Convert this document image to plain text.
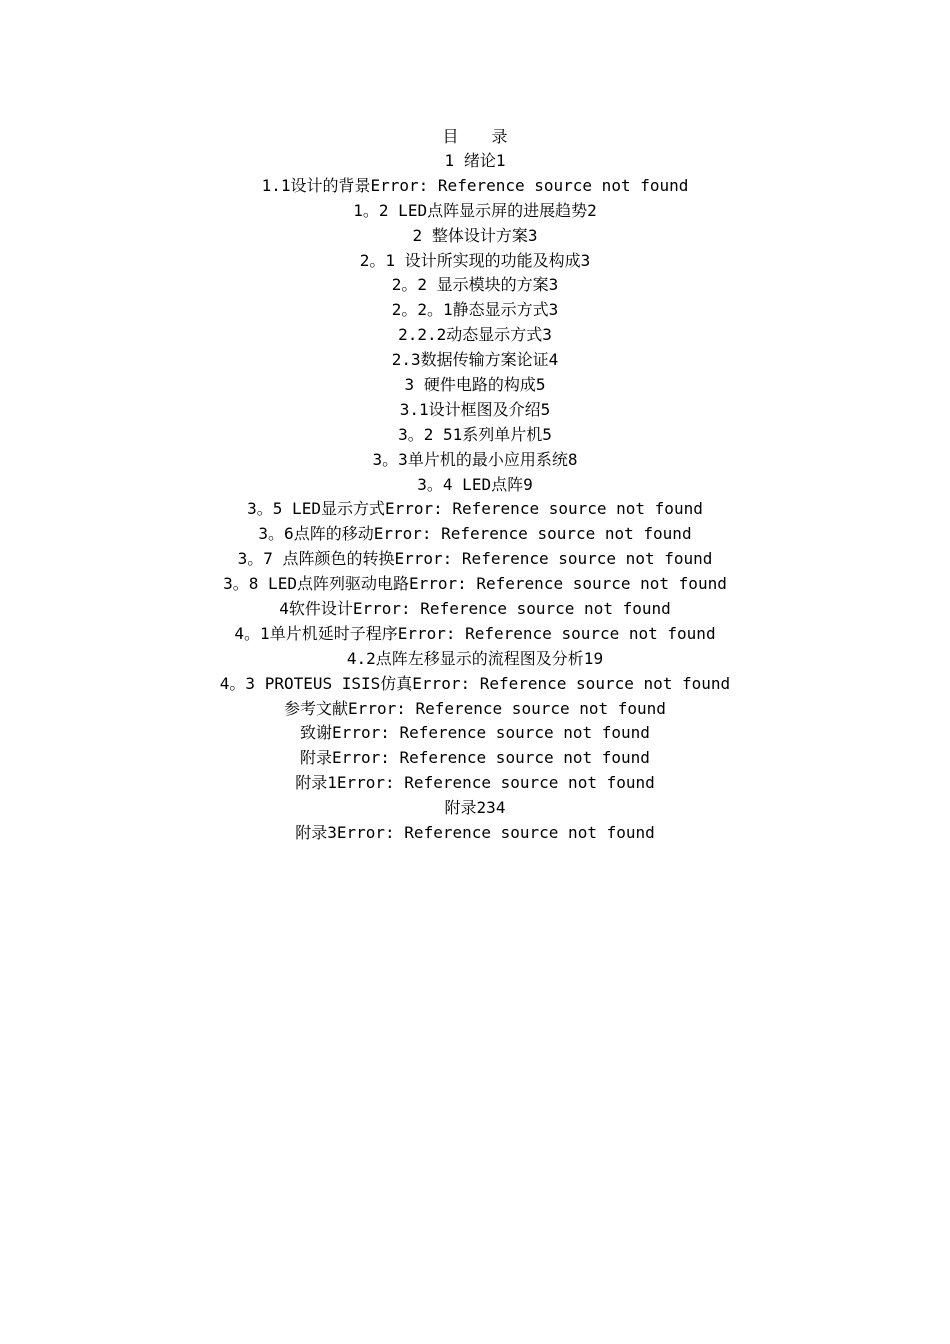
目 录
1 绪论1
1.1设计的背景Error: Reference source not found
1。2 LED点阵显示屏的进展趋势2
2 整体设计方案3
2。1 设计所实现的功能及构成3
2。2 显示模块的方案3
2。2。1静态显示方式3
2.2.2动态显示方式3
2.3数据传输方案论证4
3 硬件电路的构成5
3.1设计框图及介绍5
3。2 51系列单片机5
3。3单片机的最小应用系统8
3。4 LED点阵9
3。5 LED显示方式Error: Reference source not found
3。6点阵的移动Error: Reference source not found
3。7 点阵颜色的转换Error: Reference source not found
3。8 LED点阵列驱动电路Error: Reference source not found
4软件设计Error: Reference source not found
4。1单片机延时子程序Error: Reference source not found
4.2点阵左移显示的流程图及分析19
4。3 PROTEUS ISIS仿真Error: Reference source not found
参考文献Error: Reference source not found
致谢Error: Reference source not found
附录Error: Reference source not found
附录1Error: Reference source not found
附录234
附录3Error: Reference source not found
